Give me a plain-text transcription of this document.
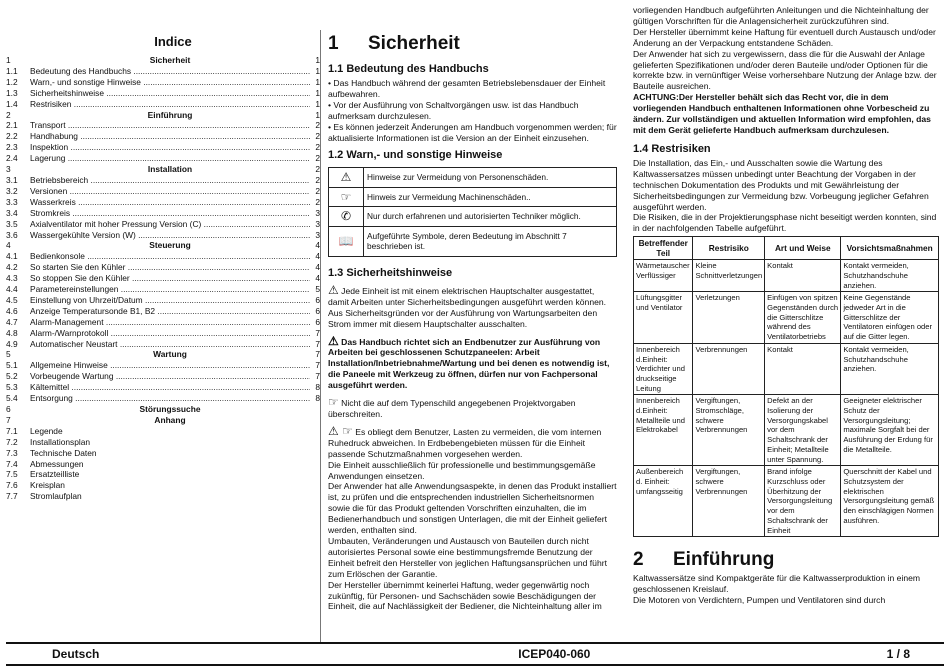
Indice
1	Sicherheit	1
1.1	Bedeutung des Handbuchs .....	1
1.2	Warn,- und sonstige Hinweise .....	1
1.3	Sicherheitshinweise .....	1
1.4	Restrisiken .....	1
2	Einführung	1
2.1	Transport .....	2
2.2	Handhabung .....	2
2.3	Inspektion .....	2
2.4	Lagerung .....	2
3	Installation	2
3.1	Betriebsbereich .....	2
3.2	Versionen .....	2
3.3	Wasserkreis .....	2
3.4	Stromkreis .....	3
3.5	Axialventilator mit hoher Pressung Version (C) .....	3
3.6	Wassergekühlte Version (W) .....	3
4	Steuerung	4
4.1	Bedienkonsole .....	4
4.2	So starten Sie den Kühler .....	4
4.3	So stoppen Sie den Kühler .....	4
4.4	Parametereinstellungen .....	5
4.5	Einstellung von Uhrzeit/Datum .....	6
4.6	Anzeige Temperatursonde B1, B2 .....	6
4.7	Alarm-Management .....	6
4.8	Alarm-/Warnprotokoll .....	7
4.9	Automatischer Neustart .....	7
5	Wartung	7
5.1	Allgemeine Hinweise .....	7
5.2	Vorbeugende Wartung .....	7
5.3	Kältemittel .....	8
5.4	Entsorgung .....	8
6	Störungssuche
7	Anhang
7.1	Legende
7.2	Installationsplan
7.3	Technische Daten
7.4	Abmessungen
7.5	Ersatzteilliste
7.6	Kreisplan
7.7	Stromlaufplan
1	Sicherheit
1.1 Bedeutung des Handbuchs

• Das Handbuch während der gesamten Betriebslebensdauer der Einheit aufbewahren.

• Vor der Ausführung von Schaltvorgängen usw. ist das Handbuch aufmerksam durchzulesen.

• Es können jederzeit Änderungen am Handbuch vorgenommen werden; für aktualisierte Informationen ist die Version an der Einheit einzusehen.

1.2 Warn,- und sonstige Hinweise
⚠	Hinweise zur Vermeidung von Personenschäden.
☞	Hinweis zur Vermeidung Machinenschäden..
✆	Nur durch erfahrenen und autorisierten Techniker möglich.
📖	Aufgeführte Symbole, deren Bedeutung im Abschnitt 7 beschrieben ist.
1.3 Sicherheitshinweise

⚠ Jede Einheit ist mit einem elektrischen Hauptschalter ausgestattet, damit Arbeiten unter Sicherheitsbedingungen ausgeführt werden können. Aus Sicherheitsgründen vor der Ausführung von Wartungsarbeiten den Strom immer mit diesem Hauptschalter ausschalten.

⚠ Das Handbuch richtet sich an Endbenutzer zur Ausführung von Arbeiten bei geschlossenen Schutzpaneelen: Arbeit Installation/Inbetriebnahme/Wartung und bei denen es notwendig ist, die Paneele mit Werkzeug zu öffnen, dürfen nur von Fachpersonal ausgeführt werden.

☞ Nicht die auf dem Typenschild angegebenen Projektvorgaben überschreiten.

⚠ ☞ Es obliegt dem Benutzer, Lasten zu vermeiden, die vom internen Ruhedruck abweichen. In Erdbebengebieten müssen für die Einheit passende Schutzmaßnahmen vorgesehen werden.

Die Einheit ausschließlich für professionelle und bestimmungsgemäße Anwendungen einsetzen.

Der Anwender hat alle Anwendungsaspekte, in denen das Produkt installiert ist, zu prüfen und die entsprechenden industriellen Sicherheitsnormen sowie die für das Produkt geltenden Vorschriften einzuhalten, die im Bedienerhandbuch und sonstigen Unterlagen, die mit der Einheit geliefert werden, enthalten sind.

Umbauten, Veränderungen und Austausch von Bauteilen durch nicht autorisiertes Personal sowie eine bestimmungsfremde Benutzung der Einheit befreit den Hersteller von jeglichen Haftungsansprüchen und führt zum Erlöschen der Garantie.

Der Hersteller übernimmt keinerlei Haftung, weder gegenwärtig noch zukünftig, für Personen- und Sachschäden sowie Beschädigungen der Einheit, die auf Nachlässigkeit der Bediener, die Nichteinhaltung aller im

vorliegenden Handbuch aufgeführten Anleitungen und die Nichteinhaltung der gültigen Vorschriften für die Anlagensicherheit zurückzuführen sind.

Der Hersteller übernimmt keine Haftung für eventuell durch Austausch und/oder Änderung an der Verpackung entstandene Schäden.

Der Anwender hat sich zu vergewissern, dass die für die Auswahl der Anlage gelieferten Spezifikationen und/oder deren Bauteile und/oder Optionen für die korrekte bzw. in vernünftiger Weise vorhersehbare Nutzung der Anlage bzw. der Bauteile ausreichen.

ACHTUNG:Der Hersteller behält sich das Recht vor, die in dem vorliegenden Handbuch enthaltenen Informationen ohne Vorbescheid zu ändern. Zur vollständigen und aktuellen Information wird empfohlen, das mit dem Gerät gelieferte Handbuch aufmerksam durchzulesen.

1.4 Restrisiken

Die Installation, das Ein,- und Ausschalten sowie die Wartung des Kaltwassersatzes müssen unbedingt unter Beachtung der Vorgaben in der technischen Dokumentation des Produkts und mit Gewährleistung der Sicherheitsbedingungen zur Vermeidung bzw. Vorbeugung jeglicher Gefahren ausgeführt werden.

Die Risiken, die in der Projektierungsphase nicht beseitigt werden konnten, sind in der nachfolgenden Tabelle aufgeführt.

Betreffender Teil	Restrisiko	Art und Weise	Vorsichtsmaßnahmen
Wärmetauscher
Verflüssiger	Kleine Schnittverletzungen	Kontakt	Kontakt vermeiden, Schutzhandschuhe anziehen.
Lüftungsgitter und Ventilator	Verletzungen	Einfügen von spitzen Gegenständen durch die Gitterschlitze während des Ventilatorbetriebs	Keine Gegenstände jedweder Art in die Gitterschlitze der Ventilatoren einfügen oder auf die Gitter legen.
Innenbereich d.Einheit: Verdichter und druckseitige Leitung	Verbrennungen	Kontakt	Kontakt vermeiden, Schutzhandschuhe anziehen.
Innenbereich d.Einheit: Metallteile und Elektrokabel	Vergiftungen, Stromschläge, schwere Verbrennungen	Defekt an der Isolierung der Versorgungskabel vor dem Schaltschrank der Einheit; Metallteile unter Spannung.	Geeigneter elektrischer Schutz der Versorgungsleitung; maximale Sorgfalt bei der Ausführung der Erdung für die Metallteile.
Außenbereich d. Einheit: umfangsseitig	Vergiftungen, schwere Verbrennungen	Brand infolge Kurzschluss oder Überhitzung der Versorgungsleitung vor dem Schaltschrank der Einheit	Querschnitt der Kabel und Schutzsystem der elektrischen Versorgungsleitung gemäß den einschlägigen Normen ausführen.
2	Einführung

Kaltwassersätze sind Kompaktgeräte für die Kaltwasserproduktion in einem geschlossenen Kreislauf.

Die Motoren von Verdichtern, Pumpen und Ventilatoren sind durch

Deutsch	ICEP040-060	1 / 8
